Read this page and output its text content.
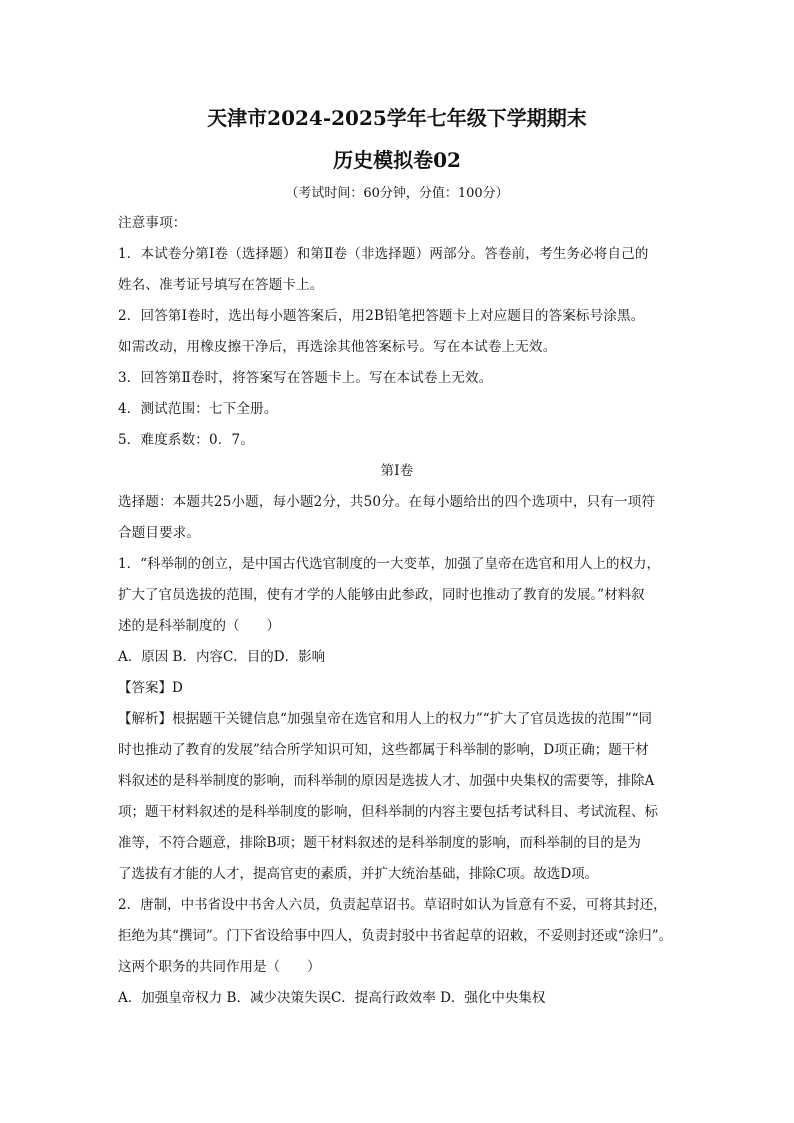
天津市2024-2025学年七年级下学期期末
历史模拟卷02
（考试时间：60分钟，分值：100分）
注意事项：
1．本试卷分第Ⅰ卷（选择题）和第Ⅱ卷（非选择题）两部分。答卷前，考生务必将自己的
姓名、准考证号填写在答题卡上。
2．回答第Ⅰ卷时，选出每小题答案后，用2B铅笔把答题卡上对应题目的答案标号涂黑。
如需改动，用橡皮擦干净后，再选涂其他答案标号。写在本试卷上无效。
3．回答第Ⅱ卷时，将答案写在答题卡上。写在本试卷上无效。
4．测试范围：七下全册。
5．难度系数：0．7。
第Ⅰ卷
选择题：本题共25小题，每小题2分，共50分。在每小题给出的四个选项中，只有一项符
合题目要求。
1．“科举制的创立，是中国古代选官制度的一大变革，加强了皇帝在选官和用人上的权力，
扩大了官员选拔的范围，使有才学的人能够由此参政，同时也推动了教育的发展。”材料叙
述的是科举制度的（　　）
A．原因 B．内容C．目的D．影响
【答案】D
【解析】根据题干关键信息“加强皇帝在选官和用人上的权力”“扩大了官员选拔的范围”“同
时也推动了教育的发展”结合所学知识可知，这些都属于科举制的影响，D项正确；题干材
料叙述的是科举制度的影响，而科举制的原因是选拔人才、加强中央集权的需要等，排除A
项；题干材料叙述的是科举制度的影响，但科举制的内容主要包括考试科目、考试流程、标
准等，不符合题意，排除B项；题干材料叙述的是科举制度的影响，而科举制的目的是为
了选拔有才能的人才，提高官吏的素质，并扩大统治基础，排除C项。故选D项。
2．唐制，中书省设中书舍人六员，负责起草诏书。草诏时如认为旨意有不妥，可将其封还，
拒绝为其“撰词”。门下省设给事中四人，负责封驳中书省起草的诏敕，不妥则封还或“涂归”。
这两个职务的共同作用是（　　）
A．加强皇帝权力 B．减少决策失误C．提高行政效率 D．强化中央集权
